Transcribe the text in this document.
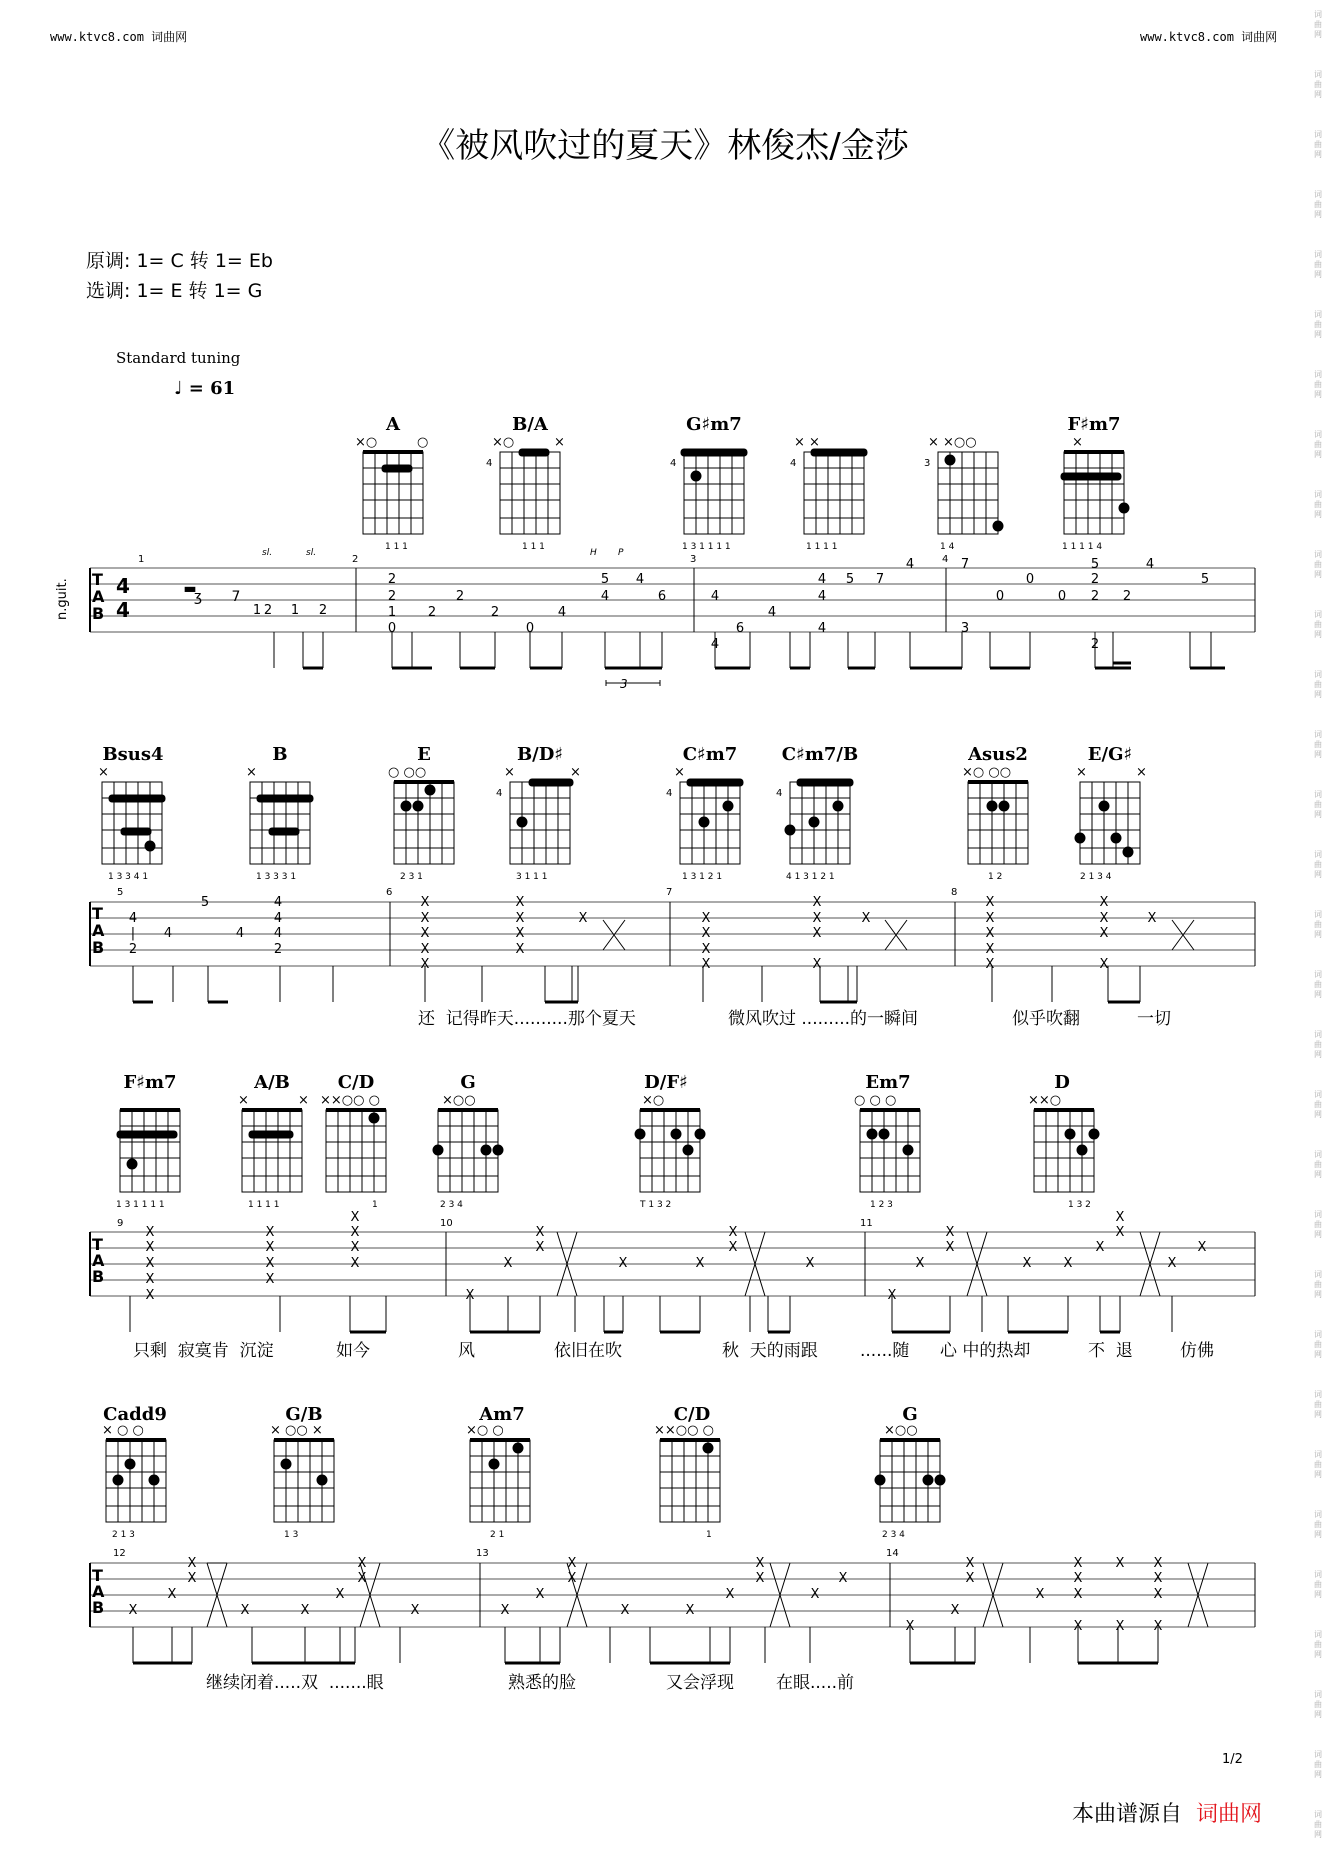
www.ktvc8.com 词曲网	www.ktvc8.com 词曲网
词
曲
网
词
曲
网
词
曲
网
词
曲
网
词
曲
网
词
曲
网
词
曲
网
词
曲
网
词
曲
网
词
曲
网
词
曲
网
词
曲
网
词
曲
网
词
曲
网
词
曲
网
词
曲
网
词
曲
网
词
曲
网
词
曲
网
词
曲
网
词
曲
网
词
曲
网
词
曲
网
词
曲
网
词
曲
网
词
曲
网
词
曲
网
词
曲
网
词
曲
网
词
曲
网
词
曲
网
《被风吹过的夏天》林俊杰/金莎
原调: 1= C 转 1= Eb
选调: 1= E 转 1= G
Standard tuning
♩ = 61
A	B/A	G♯m7	F♯m7
×○	○
1 1 1
4
×○	×
1 1 1
4
1 3 1 1 1 1
4
× ×
1 1 1 1
3
× ×○○
1 4
×
1 1 1 1 4
3
T
A
B
4
4
n.guit.
1	2	3	4
sl.	sl.	H P
1 2 1 2
2
2
1
0
2
2
2
0
4
5
4
4
6	4
4
6
4
4
4
4
5 7
4	7
3
0
0
0
5
2
2
2
2
4
5
▬
ʒ 7
×
1 3 3 4 1
×
1 3 3 3 1
○ ○○
2 3 1
4
×	×
3 1 1 1
4
×
1 3 1 2 1
4
4 1 3 1 2 1
×○ ○○
1 2
×	×
2 1 3 4
T
A
B
5	6	7	8
4
2
| 4
5
4
4
4
4
2
X
X
X
X
X
X
X
X
X
X	X
X
X
X
X
X
X
X
X
X
X
X
X
X
X
X
X
X
X
1 3 1 1 1 1
×	×
1 1 1 1
××○○ ○
1
×○○
2 3 4
×○
T 1 3 2
○ ○ ○
1 2 3
××○
1 3 2
T
A
B
9	10	11
X
X
X
X
X
X
X
X
X
X
X
X
X
X
X
X
X
X	X
X
X
X
X
X
X
X
X X
X
X
X
X
X
× ○ ○
2 1 3
× ○○ ×
1 3
×○ ○
2 1
××○○ ○
1
×○○
2 3 4
T
A
B
12	13	14
X
X
X
X
X	X
X
X
X
X	X
X
X
X
X	X
X
X
X
X
X
X
X
X
X
X
X
X
X
X
X
X
X
X
X
X
Bsus4	B	E	B/D♯	C♯m7	C♯m7/B	Asus2	E/G♯
还  记得昨天..........那个夏天	微风吹过 .........的一瞬间	似乎吹翻	一切
F♯m7	A/B	C/D	G	D/F♯	Em7	D
只剩  寂寞肯  沉淀	如今	风	依旧在吹	秋  天的雨跟 ......随 心 中的热却	不  退	仿佛
Cadd9	G/B	Am7	C/D	G
继续闭着.....双  .......眼	熟悉的脸	又会浮现 在眼.....前
1/2
本曲谱源自 词曲网
